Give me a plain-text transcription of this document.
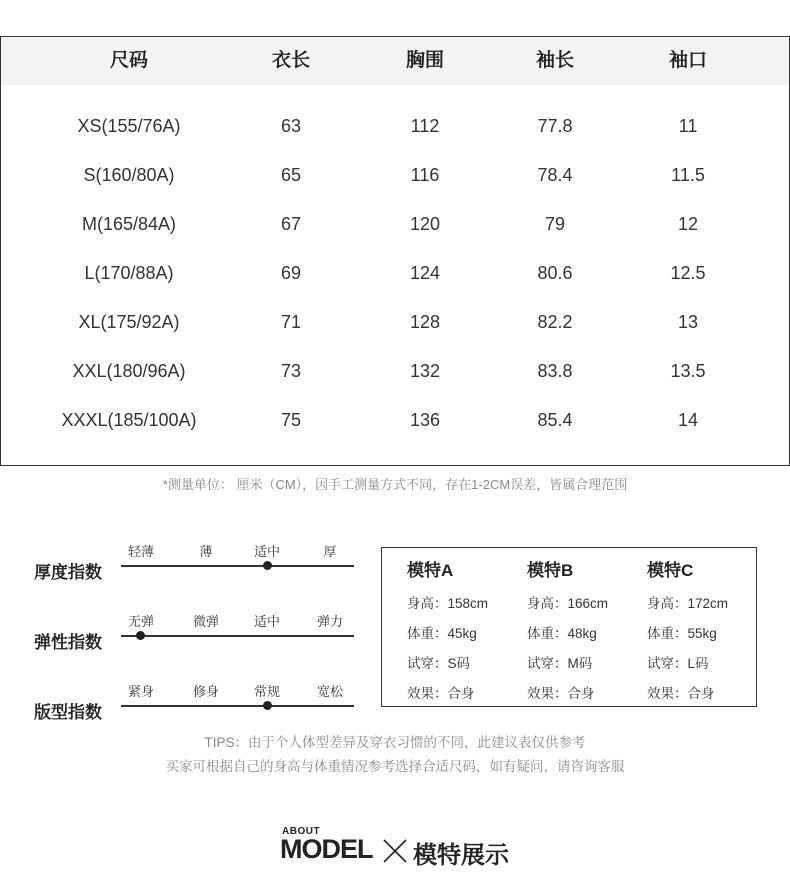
尺码	衣长	胸围	袖长	袖口
XS(155/76A)	63	112	77.8	11
S(160/80A)	65	116	78.4	11.5
M(165/84A)	67	120	79	12
L(170/88A)	69	124	80.6	12.5
XL(175/92A)	71	128	82.2	13
XXL(180/96A)	73	132	83.8	13.5
XXXL(185/100A)	75	136	85.4	14
*测量单位： 厘米（CM），因手工测量方式不同，存在1-2CM误差，皆属合理范围
厚度指数
轻薄	薄	适中	厚
弹性指数
无弹	微弹	适中	弹力
版型指数
紧身	修身	常规	宽松
模特A
身高：158cm
体重：45kg
试穿：S码
效果：合身
模特B
身高：166cm
体重：48kg
试穿：M码
效果：合身
模特C
身高：172cm
体重：55kg
试穿：L码
效果：合身
TIPS：由于个人体型差异及穿衣习惯的不同，此建议表仅供参考
买家可根据自己的身高与体重情况参考选择合适尺码，如有疑问，请咨询客服
ABOUT
MODEL 模特展示
